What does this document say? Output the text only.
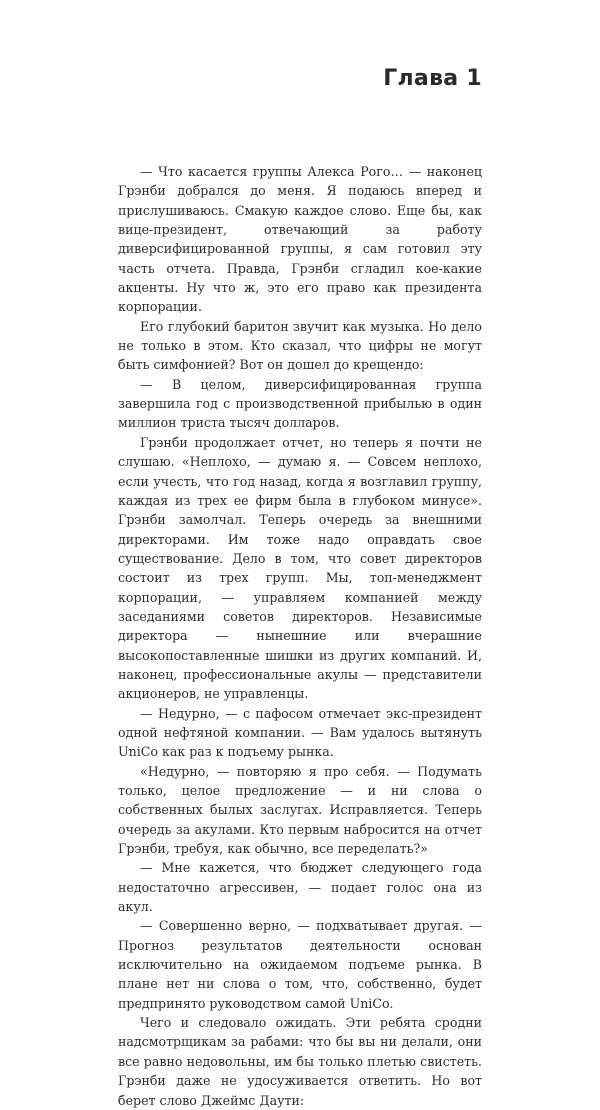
Глава 1

— Что касается группы Алекса Рого… — наконец Грэнби добрался до меня. Я подаюсь вперед и прислушиваюсь. Смакую каждое слово. Еще бы, как вице-президент, отвечающий за работу диверсифицированной группы, я сам готовил эту часть отчета. Правда, Грэнби сгладил кое-какие акценты. Ну что ж, это его право как президента корпорации.

Его глубокий баритон звучит как музыка. Но дело не только в этом. Кто сказал, что цифры не могут быть симфонией? Вот он дошел до крещендо:

— В целом, диверсифицированная группа завершила год с производственной прибылью в один миллион триста тысяч долларов.

Грэнби продолжает отчет, но теперь я почти не слушаю. «Неплохо, — думаю я. — Совсем неплохо, если учесть, что год назад, когда я возглавил группу, каждая из трех ее фирм была в глубоком минусе». Грэнби замолчал. Теперь очередь за внешними директорами. Им тоже надо оправдать свое существование. Дело в том, что совет директоров состоит из трех групп. Мы, топ-менеджмент корпорации, — управляем компанией между заседаниями советов директоров. Независимые директора — нынешние или вчерашние высокопоставленные шишки из других компаний. И, наконец, профессиональные акулы — представители акционеров, не управленцы.

— Недурно, — с пафосом отмечает экс-президент одной нефтяной компании. — Вам удалось вытянуть UniCo как раз к подъему рынка.

«Недурно, — повторяю я про себя. — Подумать только, целое предложение — и ни слова о собственных былых заслугах. Исправляется. Теперь очередь за акулами. Кто первым набросится на отчет Грэнби, требуя, как обычно, все переделать?»

— Мне кажется, что бюджет следующего года недостаточно агрессивен, — подает голос она из акул.

— Совершенно верно, — подхватывает другая. — Прогноз результатов деятельности основан исключительно на ожидаемом подъеме рынка. В плане нет ни слова о том, что, собственно, будет предпринято руководством самой UniCo.

Чего и следовало ожидать. Эти ребята сродни надсмотрщикам за рабами: что бы вы ни делали, они все равно недовольны, им бы только плетью свистеть. Грэнби даже не удосуживается ответить. Но вот берет слово Джеймс Даути:
